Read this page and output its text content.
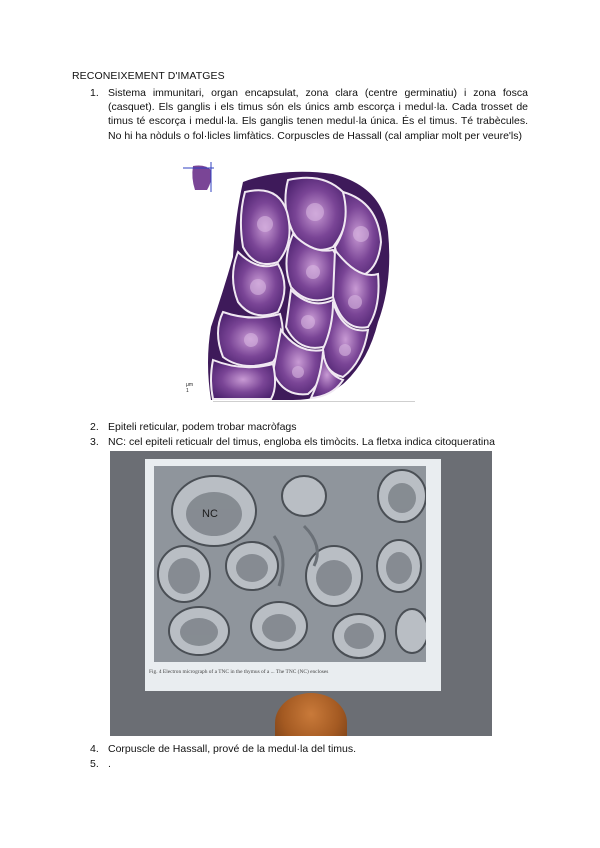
RECONEIXEMENT D'IMATGES
1. Sistema immunitari, organ encapsulat, zona clara (centre germinatiu) i zona fosca (casquet). Els ganglis i els timus són els únics amb escorça i medul·la. Cada trosset de timus té escorça i medul·la. Els ganglis tenen medul·la única. És el timus. Té trabècules. No hi ha nòduls o fol·licles limfàtics. Corpuscles de Hassall (cal ampliar molt per veure'ls)
μm
1
2. Epiteli reticular, podem trobar macròfags
3. NC: cel epiteli reticualr del timus, engloba els timòcits. La fletxa indica citoqueratina
NC
Fig. 4 Electron micrograph of a TNC in the thymus of a ... The TNC (NC) encloses
4. Corpuscle de Hassall, prové de la medul·la del timus.
5. .
